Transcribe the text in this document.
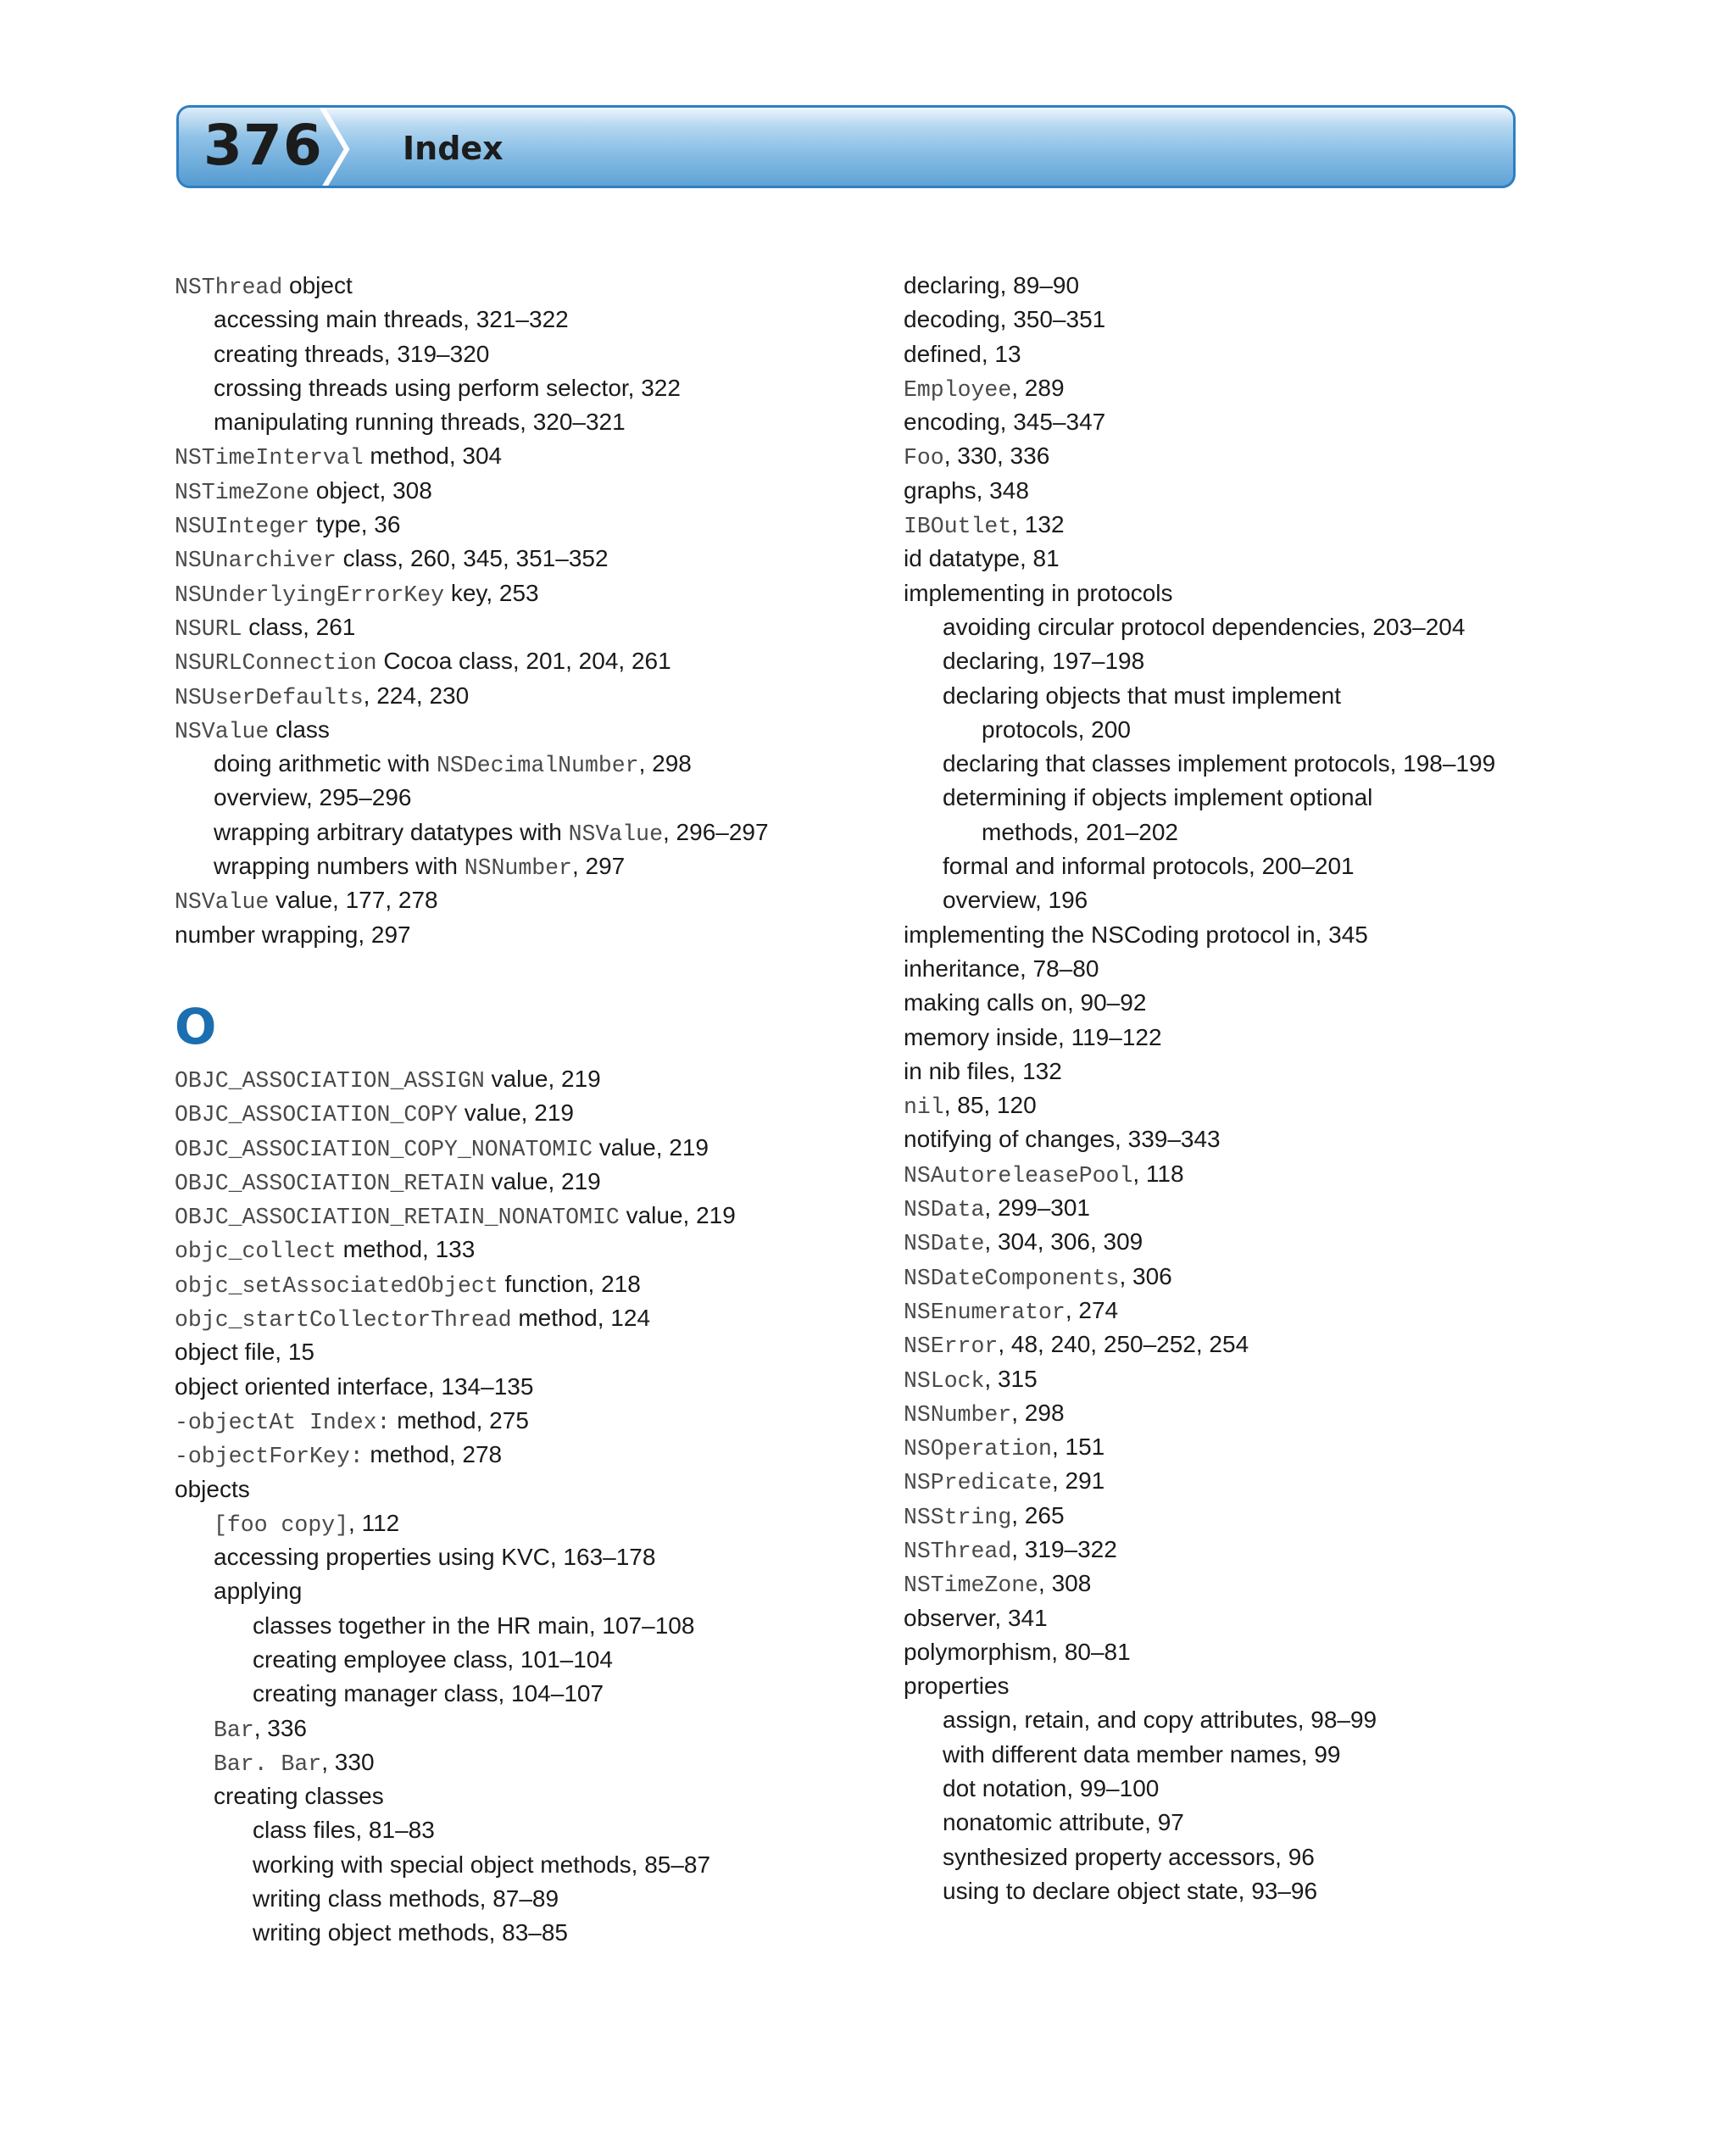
376 Index
NSThread object
accessing main threads, 321–322
creating threads, 319–320
crossing threads using perform selector, 322
manipulating running threads, 320–321
NSTimeInterval method, 304
NSTimeZone object, 308
NSUInteger type, 36
NSUnarchiver class, 260, 345, 351–352
NSUnderlyingErrorKey key, 253
NSURL class, 261
NSURLConnection Cocoa class, 201, 204, 261
NSUserDefaults, 224, 230
NSValue class
doing arithmetic with NSDecimalNumber, 298
overview, 295–296
wrapping arbitrary datatypes with NSValue, 296–297
wrapping numbers with NSNumber, 297
NSValue value, 177, 278
number wrapping, 297
O
OBJC_ASSOCIATION_ASSIGN value, 219
OBJC_ASSOCIATION_COPY value, 219
OBJC_ASSOCIATION_COPY_NONATOMIC value, 219
OBJC_ASSOCIATION_RETAIN value, 219
OBJC_ASSOCIATION_RETAIN_NONATOMIC value, 219
objc_collect method, 133
objc_setAssociatedObject function, 218
objc_startCollectorThread method, 124
object file, 15
object oriented interface, 134–135
-objectAt Index: method, 275
-objectForKey: method, 278
objects
[foo copy], 112
accessing properties using KVC, 163–178
applying
classes together in the HR main, 107–108
creating employee class, 101–104
creating manager class, 104–107
Bar, 336
Bar. Bar, 330
creating classes
class files, 81–83
working with special object methods, 85–87
writing class methods, 87–89
writing object methods, 83–85
declaring, 89–90
decoding, 350–351
defined, 13
Employee, 289
encoding, 345–347
Foo, 330, 336
graphs, 348
IBOutlet, 132
id datatype, 81
implementing in protocols
avoiding circular protocol dependencies, 203–204
declaring, 197–198
declaring objects that must implement
protocols, 200
declaring that classes implement protocols, 198–199
determining if objects implement optional
methods, 201–202
formal and informal protocols, 200–201
overview, 196
implementing the NSCoding protocol in, 345
inheritance, 78–80
making calls on, 90–92
memory inside, 119–122
in nib files, 132
nil, 85, 120
notifying of changes, 339–343
NSAutoreleasePool, 118
NSData, 299–301
NSDate, 304, 306, 309
NSDateComponents, 306
NSEnumerator, 274
NSError, 48, 240, 250–252, 254
NSLock, 315
NSNumber, 298
NSOperation, 151
NSPredicate, 291
NSString, 265
NSThread, 319–322
NSTimeZone, 308
observer, 341
polymorphism, 80–81
properties
assign, retain, and copy attributes, 98–99
with different data member names, 99
dot notation, 99–100
nonatomic attribute, 97
synthesized property accessors, 96
using to declare object state, 93–96
